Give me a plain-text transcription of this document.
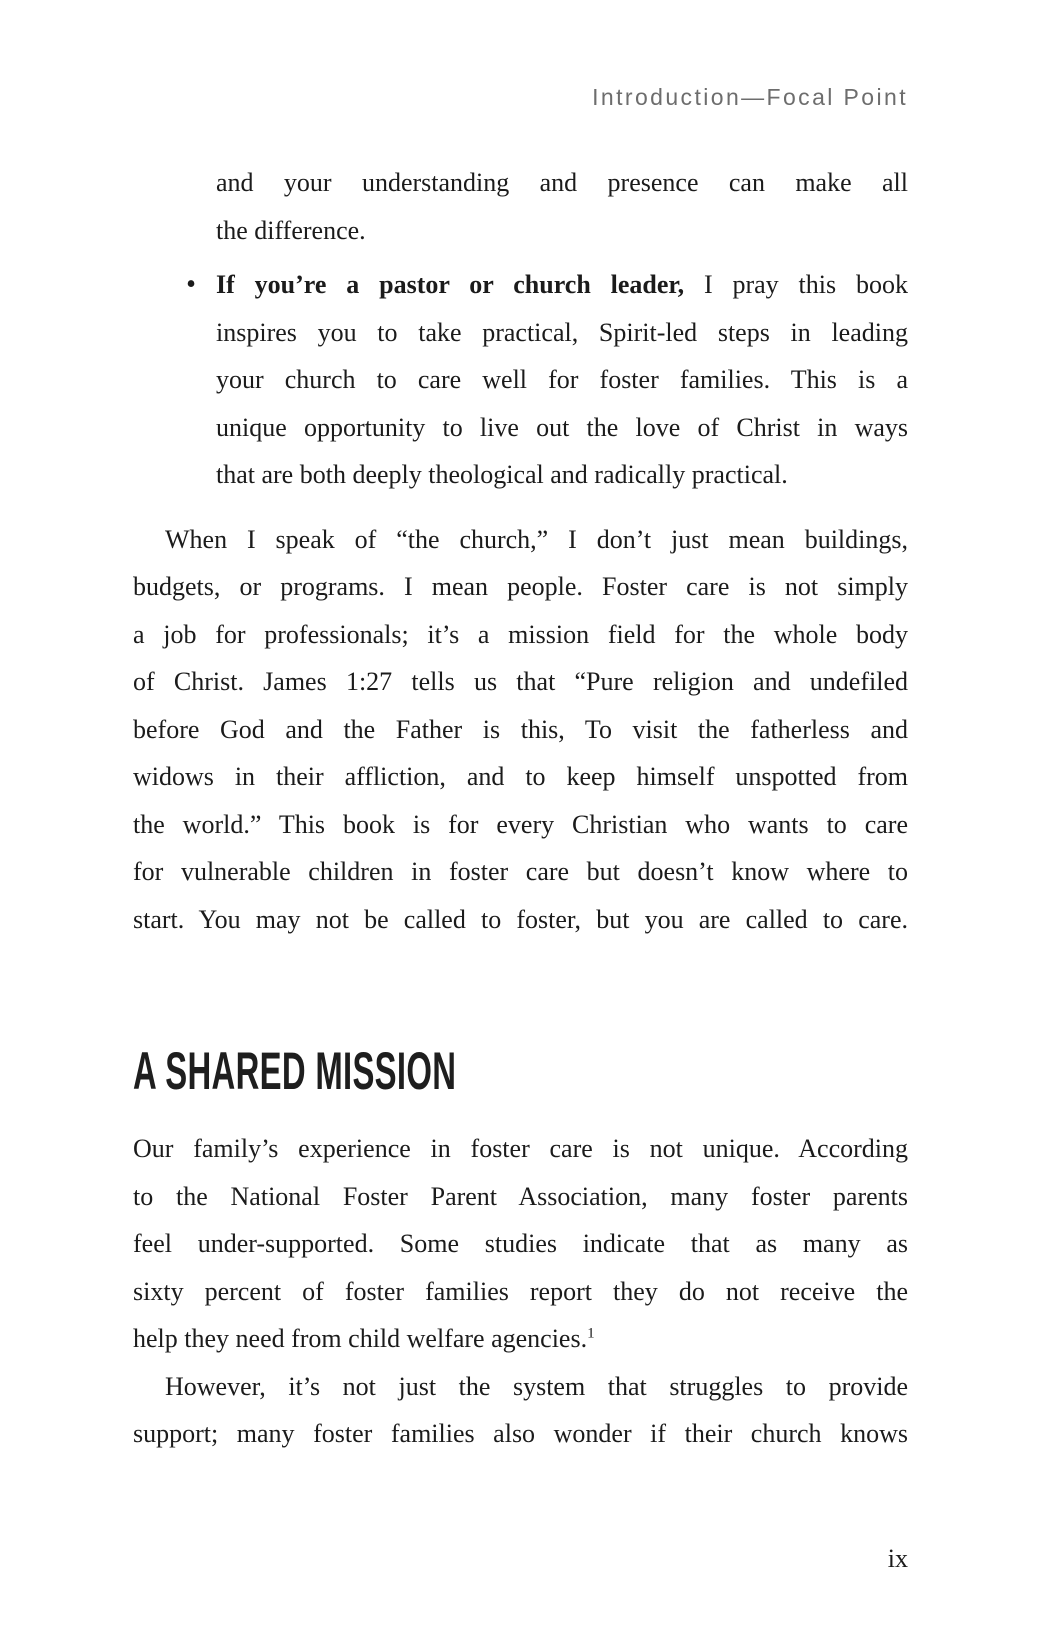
Introduction—Focal Point
and your understanding and presence can make all
the difference.
• If you’re a pastor or church leader, I pray this book
inspires you to take practical, Spirit-led steps in leading
your church to care well for foster families. This is a
unique opportunity to live out the love of Christ in ways
that are both deeply theological and radically practical.
When I speak of “the church,” I don’t just mean buildings,
budgets, or programs. I mean people. Foster care is not simply
a job for professionals; it’s a mission field for the whole body
of Christ. James 1:27 tells us that “Pure religion and undefiled
before God and the Father is this, To visit the fatherless and
widows in their affliction, and to keep himself unspotted from
the world.” This book is for every Christian who wants to care
for vulnerable children in foster care but doesn’t know where to
start. You may not be called to foster, but you are called to care.
A SHARED MISSION
Our family’s experience in foster care is not unique. According
to the National Foster Parent Association, many foster parents
feel under-supported. Some studies indicate that as many as
sixty percent of foster families report they do not receive the
help they need from child welfare agencies.$^1$
However, it’s not just the system that struggles to provide
support; many foster families also wonder if their church knows
ix
